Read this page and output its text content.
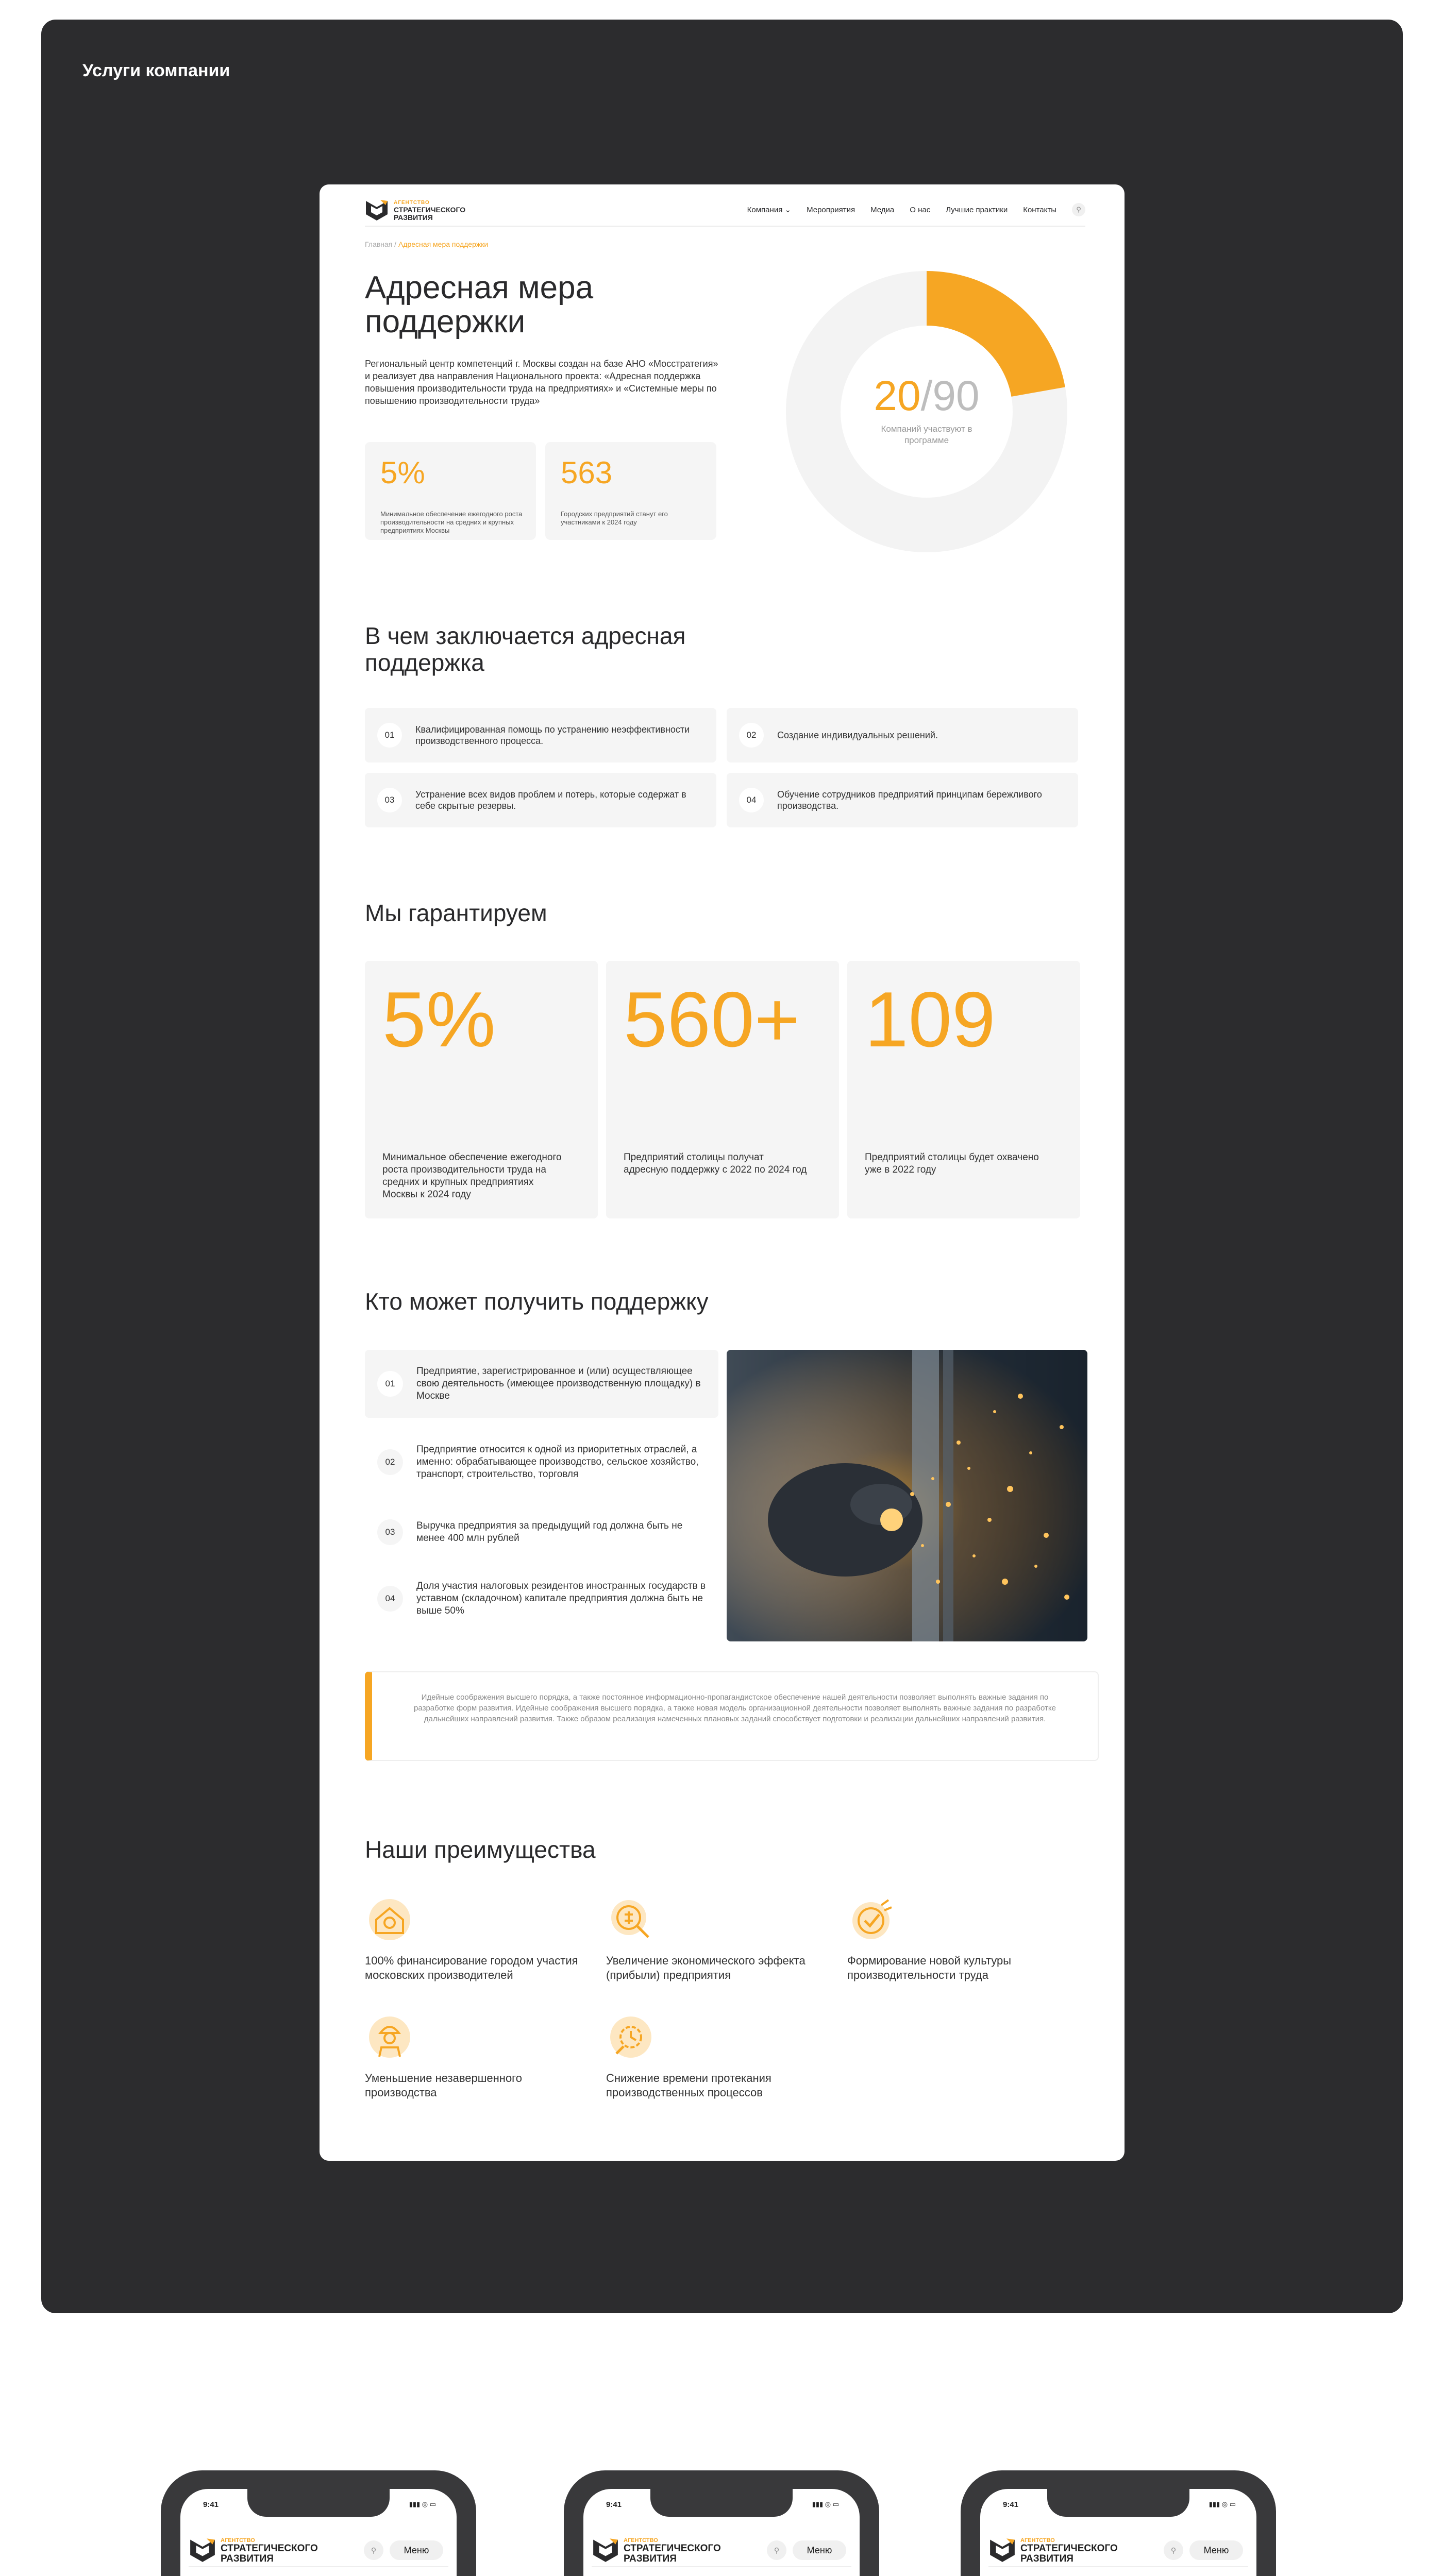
Услуги компании
АГЕНТСТВО
СТРАТЕГИЧЕСКОГО
РАЗВИТИЯ
Компания ⌄ Мероприятия Медиа О нас Лучшие практики Контакты	⚲
Главная / Адресная мера поддержки
Адресная мера поддержки
Региональный центр компетенций г. Москвы создан на базе АНО «Мосстратегия» и реализует два направления Национального проекта: «Адресная поддержка повышения производительности труда на предприятиях» и «Системные меры по повышению производительности труда»
5%
Минимальное обеспечение ежегодного роста производительности на средних и крупных предприятиях Москвы
563
Городских предприятий станут его участниками к 2024 году
20/90
Компаний участвуют в программе
В чем заключается адресная поддержка
01
Квалифицированная помощь по устранению неэффективности производственного процесса.
02	Создание индивидуальных решений.
03
Устранение всех видов проблем и потерь, которые содержат в себе скрытые резервы.
04
Обучение сотрудников предприятий принципам бережливого производства.
Мы гарантируем
5%
Минимальное обеспечение ежегодного роста производительности труда на средних и крупных предприятиях Москвы к 2024 году
560+
Предприятий столицы получат адресную поддержку с 2022 по 2024 год
109
Предприятий столицы будет охвачено уже в 2022 году
Кто может получить поддержку
01
Предприятие, зарегистрированное и (или) осуществляющее свою деятельность (имеющее производственную площадку) в Москве
02
Предприятие относится к одной из приоритетных отраслей, а именно: обрабатывающее производство, сельское хозяйство, транспорт, строительство, торговля
03
Выручка предприятия за предыдущий год должна быть не менее 400 млн рублей
04
Доля участия налоговых резидентов иностранных государств в уставном (складочном) капитале предприятия должна быть не выше 50%
Идейные соображения высшего порядка, а также постоянное информационно-пропагандистское обеспечение нашей деятельности позволяет выполнять важные задания по разработке форм развития. Идейные соображения высшего порядка, а также новая модель организационной деятельности позволяет выполнять важные задания по разработке дальнейших направлений развития. Также образом реализация намеченных плановых заданий способствует подготовки и реализации дальнейших направлений развития.
Наши преимущества
100% финансирование городом участия московских производителей
Увеличение экономического эффекта (прибыли) предприятия
Формирование новой культуры производительности труда
Уменьшение незавершенного производства
Снижение времени протекания производственных процессов
9:41	▮▮▮ ◎ ▭
АГЕНТСТВО
СТРАТЕГИЧЕСКОГО
РАЗВИТИЯ
⚲	Меню
9:41	▮▮▮ ◎ ▭
АГЕНТСТВО
СТРАТЕГИЧЕСКОГО
РАЗВИТИЯ
⚲	Меню
9:41	▮▮▮ ◎ ▭
АГЕНТСТВО
СТРАТЕГИЧЕСКОГО
РАЗВИТИЯ
⚲	Меню
